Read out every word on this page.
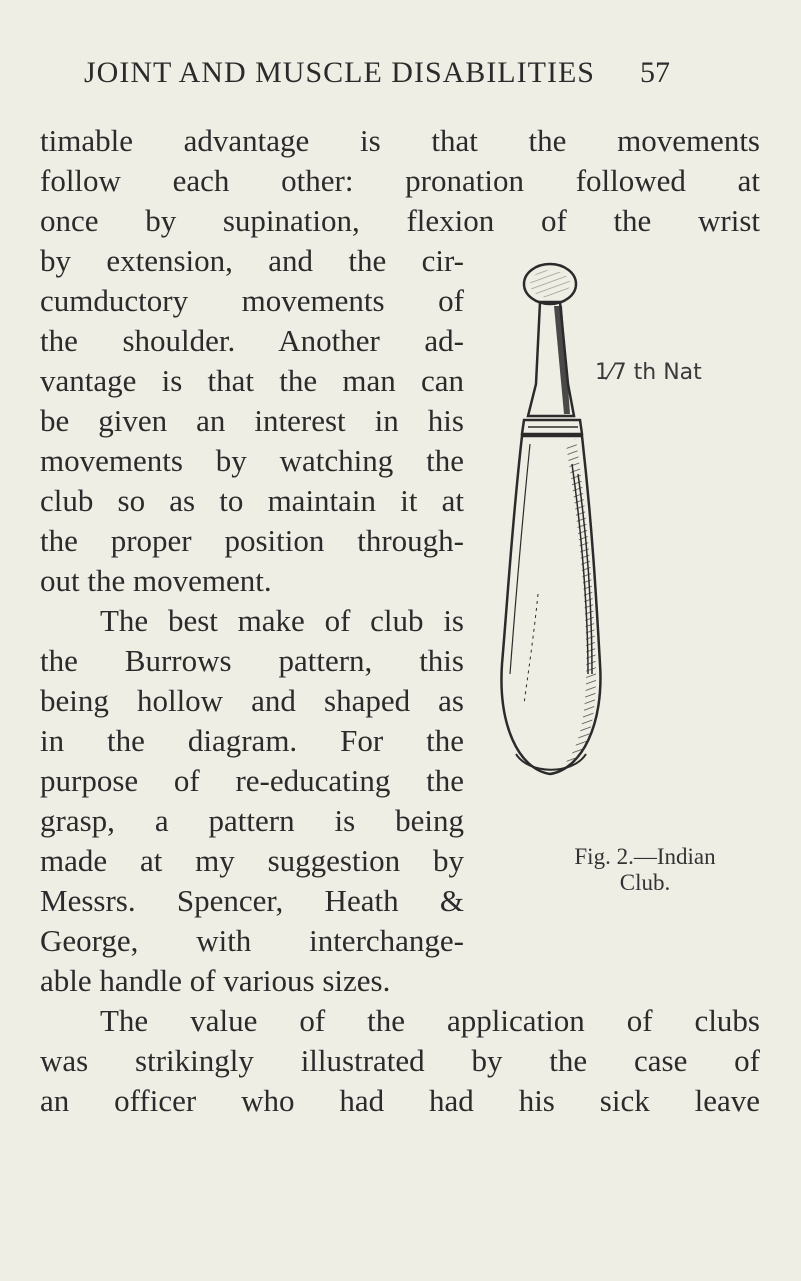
JOINT AND MUSCLE DISABILITIES 57
timable advantage is that the movements
follow each other: pronation followed at
once by supination, flexion of the wrist
by extension, and the cir-
cumductory movements of
the shoulder. Another ad-
vantage is that the man can
be given an interest in his
movements by watching the
club so as to maintain it at
the proper position through-
out the movement.
The best make of club is
the Burrows pattern, this
being hollow and shaped as
in the diagram. For the
purpose of re-educating the
grasp, a pattern is being
made at my suggestion by
Messrs. Spencer, Heath &
George, with interchange-
able handle of various sizes.
The value of the application of clubs
was strikingly illustrated by the case of
an officer who had had his sick leave
1⁄7 th Nat
Fig. 2.—Indian
Club.
